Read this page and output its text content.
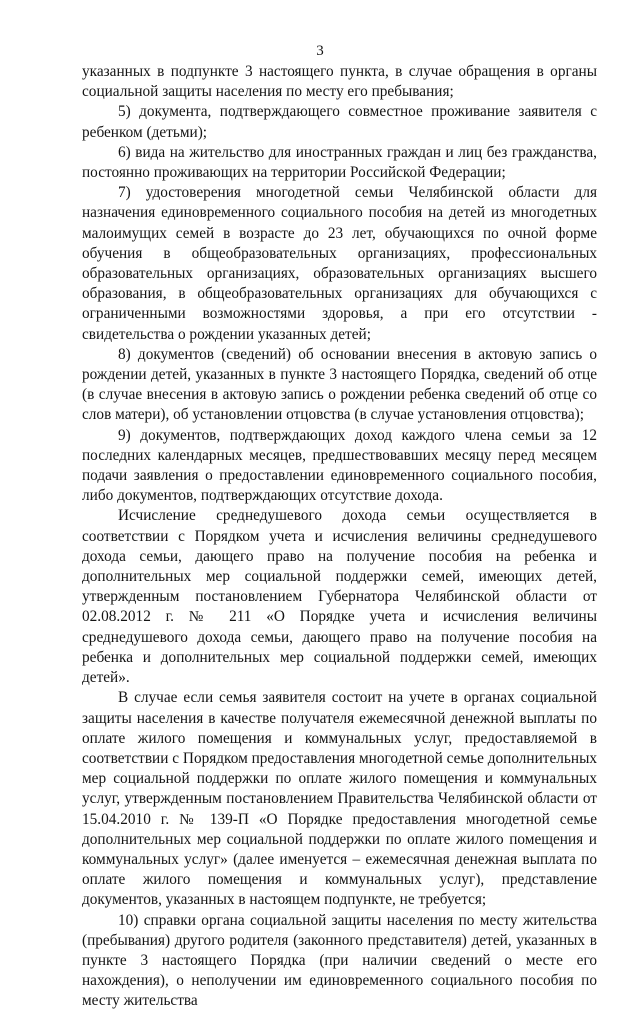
3

указанных в подпункте 3 настоящего пункта, в случае обращения в органы социальной защиты населения по месту его пребывания;

5) документа, подтверждающего совместное проживание заявителя с ребенком (детьми);

6) вида на жительство для иностранных граждан и лиц без гражданства, постоянно проживающих на территории Российской Федерации;

7) удостоверения многодетной семьи Челябинской области для назначения единовременного социального пособия на детей из многодетных малоимущих семей в возрасте до 23 лет, обучающихся по очной форме обучения в общеобразовательных организациях, профессиональных образовательных организациях, образовательных организациях высшего образования, в общеобразовательных организациях для обучающихся с ограниченными возможностями здоровья, а при его отсутствии - свидетельства о рождении указанных детей;

8) документов (сведений) об основании внесения в актовую запись о рождении детей, указанных в пункте 3 настоящего Порядка, сведений об отце (в случае внесения в актовую запись о рождении ребенка сведений об отце со слов матери), об установлении отцовства (в случае установления отцовства);

9) документов, подтверждающих доход каждого члена семьи за 12 последних календарных месяцев, предшествовавших месяцу перед месяцем подачи заявления о предоставлении единовременного социального пособия, либо документов, подтверждающих отсутствие дохода.

Исчисление среднедушевого дохода семьи осуществляется в соответствии с Порядком учета и исчисления величины среднедушевого дохода семьи, дающего право на получение пособия на ребенка и дополнительных мер социальной поддержки семей, имеющих детей, утвержденным постановлением Губернатора Челябинской области от 02.08.2012 г. № 211 «О Порядке учета и исчисления величины среднедушевого дохода семьи, дающего право на получение пособия на ребенка и дополнительных мер социальной поддержки семей, имеющих детей».

В случае если семья заявителя состоит на учете в органах социальной защиты населения в качестве получателя ежемесячной денежной выплаты по оплате жилого помещения и коммунальных услуг, предоставляемой в соответствии с Порядком предоставления многодетной семье дополнительных мер социальной поддержки по оплате жилого помещения и коммунальных услуг, утвержденным постановлением Правительства Челябинской области от 15.04.2010 г. № 139-П «О Порядке предоставления многодетной семье дополнительных мер социальной поддержки по оплате жилого помещения и коммунальных услуг» (далее именуется – ежемесячная денежная выплата по оплате жилого помещения и коммунальных услуг), представление документов, указанных в настоящем подпункте, не требуется;

10) справки органа социальной защиты населения по месту жительства (пребывания) другого родителя (законного представителя) детей, указанных в пункте 3 настоящего Порядка (при наличии сведений о месте его нахождения), о неполучении им единовременного социального пособия по месту жительства
